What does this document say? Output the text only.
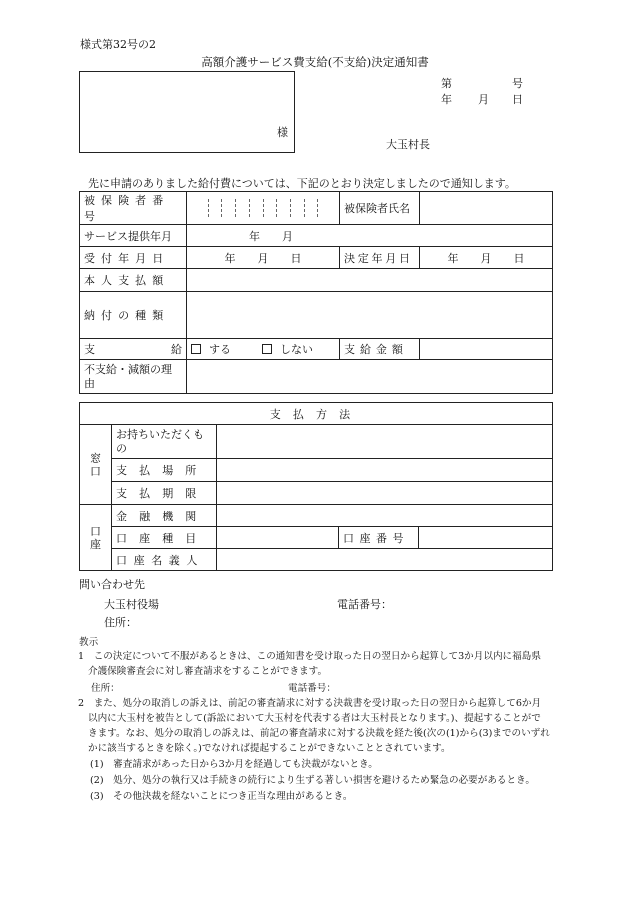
様式第32号の2
高額介護サービス費支給(不支給)決定通知書
様
第	号
年 月 日
大玉村長
先に申請のありました給付費については、下記のとおり決定しましたので通知します。
被保険者番号		被保険者氏名	
サービス提供年月	年　　月		
受付年月日	年　　月　　日	決定年月日	年　　月　　日
本人支払額			
納付の種類			
支 給	する しない	支給金額	
不支給・減額の理由			
支払方法				
窓口	お持ちいただくもの			
	支払場所			
	支払期限			
口座	金融機関			
	口座種目		口座番号	
	口座名義人			
問い合わせ先
大玉村役場	電話番号：
住所：
教示
1　この決定について不服があるときは、この通知書を受け取った日の翌日から起算して3か月以内に福島県介護保険審査会に対し審査請求をすることができます。
住所：	電話番号：
2　また、処分の取消しの訴えは、前記の審査請求に対する決裁書を受け取った日の翌日から起算して6か月以内に大玉村を被告として(訴訟において大玉村を代表する者は大玉村長となります。)、提起することができます。なお、処分の取消しの訴えは、前記の審査請求に対する決裁を経た後(次の(1)から(3)までのいずれかに該当するときを除く。)でなければ提起することができないこととされています。
(1)　審査請求があった日から3か月を経過しても決裁がないとき。
(2)　処分、処分の執行又は手続きの続行により生ずる著しい損害を避けるため緊急の必要があるとき。
(3)　その他決裁を経ないことにつき正当な理由があるとき。
